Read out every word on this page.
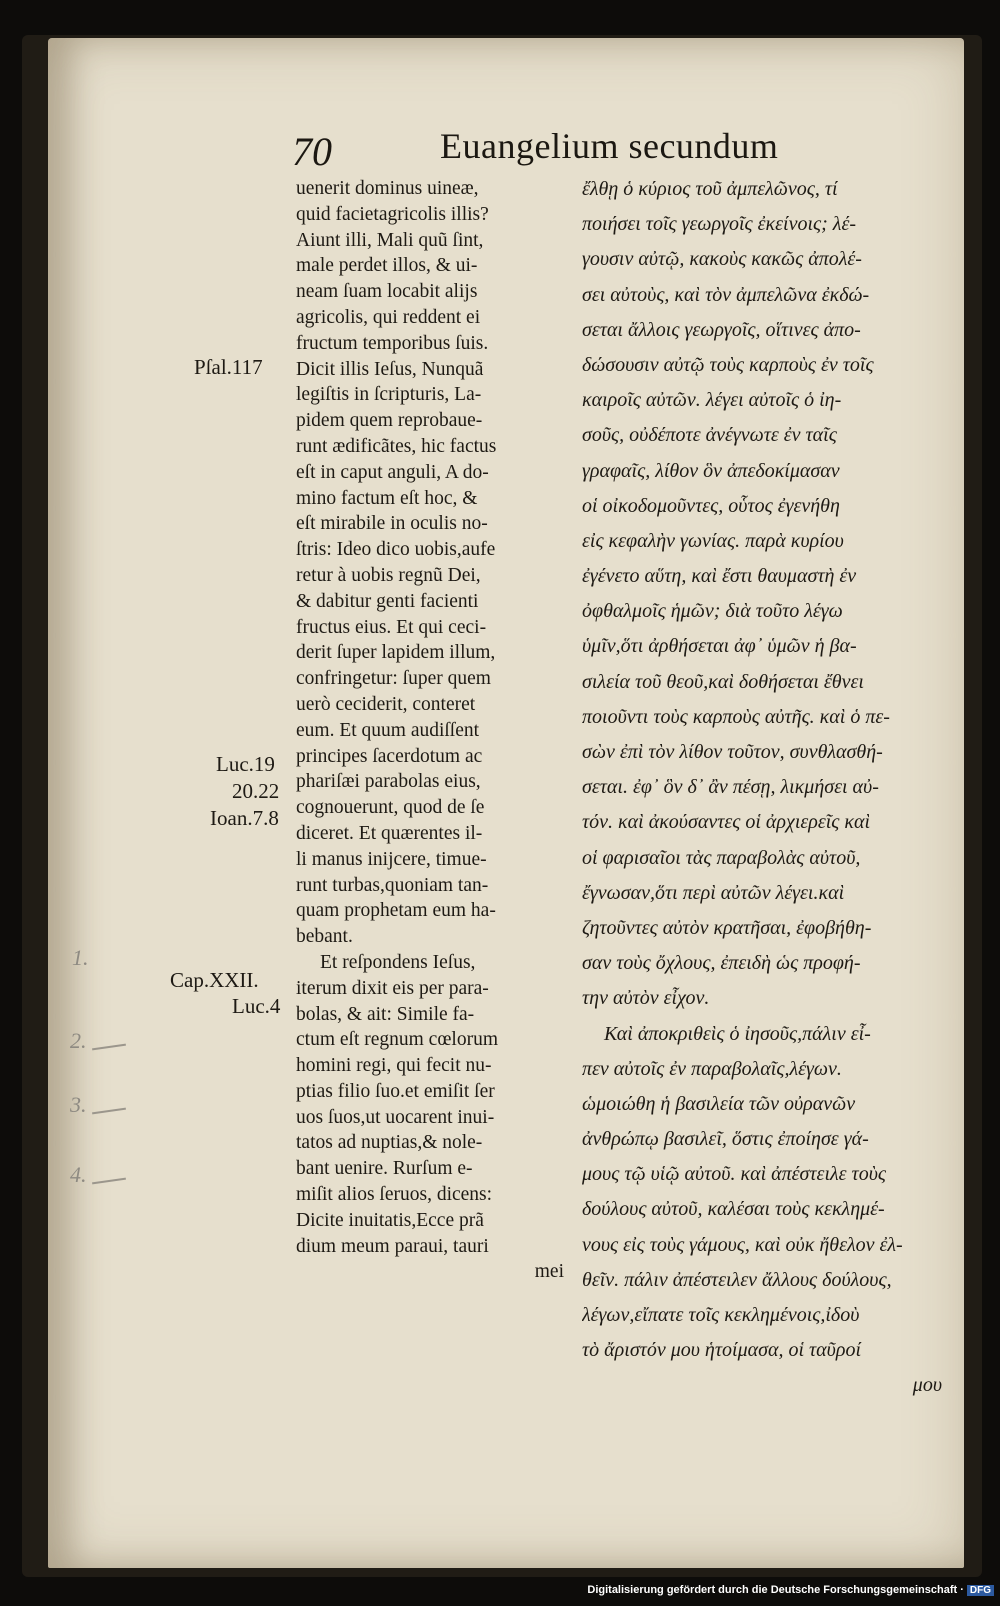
70	Euangelium secundum
uenerit dominus uineæ,
quid facietagricolis illis?
Aiunt illi, Mali quũ ſint,
male perdet illos, & ui-
neam ſuam locabit alijs
agricolis, qui reddent ei
fructum temporibus ſuis.
Dicit illis Ieſus, Nunquã
legiſtis in ſcripturis, La-
pidem quem reprobaue-
runt ædificãtes, hic factus
eſt in caput anguli, A do-
mino factum eſt hoc, &
eſt mirabile in oculis no-
ſtris: Ideo dico uobis,aufe
retur à uobis regnũ Dei,
& dabitur genti facienti
fructus eius. Et qui ceci-
derit ſuper lapidem illum,
confringetur: ſuper quem
uerò ceciderit, conteret
eum. Et quum audiſſent
principes ſacerdotum ac
phariſæi parabolas eius,
cognouerunt, quod de ſe
diceret. Et quærentes il-
li manus inijcere, timue-
runt turbas,quoniam tan-
quam prophetam eum ha-
bebant.
Et reſpondens Ieſus,
iterum dixit eis per para-
bolas, & ait: Simile fa-
ctum eſt regnum cœlorum
homini regi, qui fecit nu-
ptias filio ſuo.et emiſit ſer
uos ſuos,ut uocarent inui-
tatos ad nuptias,& nole-
bant uenire. Rurſum e-
miſit alios ſeruos, dicens:
Dicite inuitatis,Ecce prã
dium meum paraui, tauri
mei
ἔλθῃ ὁ κύριος τοῦ ἀμπελῶνος, τί
ποιήσει τοῖς γεωργοῖς ἐκείνοις; λέ-
γουσιν αὐτῷ, κακοὺς κακῶς ἀπολέ-
σει αὐτοὺς, καὶ τὸν ἀμπελῶνα ἐκδώ-
σεται ἄλλοις γεωργοῖς, οἵτινες ἀπο-
δώσουσιν αὐτῷ τοὺς καρποὺς ἐν τοῖς
καιροῖς αὐτῶν. λέγει αὐτοῖς ὁ ἰη-
σοῦς, οὐδέποτε ἀνέγνωτε ἐν ταῖς
γραφαῖς, λίθον ὃν ἀπεδοκίμασαν
οἱ οἰκοδομοῦντες, οὗτος ἐγενήθη
εἰς κεφαλὴν γωνίας. παρὰ κυρίου
ἐγένετο αὕτη, καὶ ἔστι θαυμαστὴ ἐν
ὀφθαλμοῖς ἡμῶν; διὰ τοῦτο λέγω
ὑμῖν,ὅτι ἀρθήσεται ἀφ᾽ ὑμῶν ἡ βα-
σιλεία τοῦ θεοῦ,καὶ δοθήσεται ἔθνει
ποιοῦντι τοὺς καρποὺς αὐτῆς. καὶ ὁ πε-
σὼν ἐπὶ τὸν λίθον τοῦτον, συνθλασθή-
σεται. ἐφ᾽ ὃν δ᾽ ἂν πέσῃ, λικμήσει αὐ-
τόν. καὶ ἀκούσαντες οἱ ἀρχιερεῖς καὶ
οἱ φαρισαῖοι τὰς παραβολὰς αὐτοῦ,
ἔγνωσαν,ὅτι περὶ αὐτῶν λέγει.καὶ
ζητοῦντες αὐτὸν κρατῆσαι, ἐφοβήθη-
σαν τοὺς ὄχλους, ἐπειδὴ ὡς προφή-
την αὐτὸν εἶχον.
Καὶ ἀποκριθεὶς ὁ ἰησοῦς,πάλιν εἶ-
πεν αὐτοῖς ἐν παραβολαῖς,λέγων.
ὡμοιώθη ἡ βασιλεία τῶν οὐρανῶν
ἀνθρώπῳ βασιλεῖ, ὅστις ἐποίησε γά-
μους τῷ υἱῷ αὐτοῦ. καὶ ἀπέστειλε τοὺς
δούλους αὐτοῦ, καλέσαι τοὺς κεκλημέ-
νους εἰς τοὺς γάμους, καὶ οὐκ ἤθελον ἐλ-
θεῖν. πάλιν ἀπέστειλεν ἄλλους δούλους,
λέγων,εἴπατε τοῖς κεκλημένοις,ἰδοὺ
τὸ ἄριστόν μου ἡτοίμασα, οἱ ταῦροί
μου
Pſal.117
Luc.19
20.22
Ioan.7.8
Cap.XXII.
Luc.4
1.
2.
3.
4.
Digitalisierung gefördert durch die Deutsche Forschungsgemeinschaft · DFG
